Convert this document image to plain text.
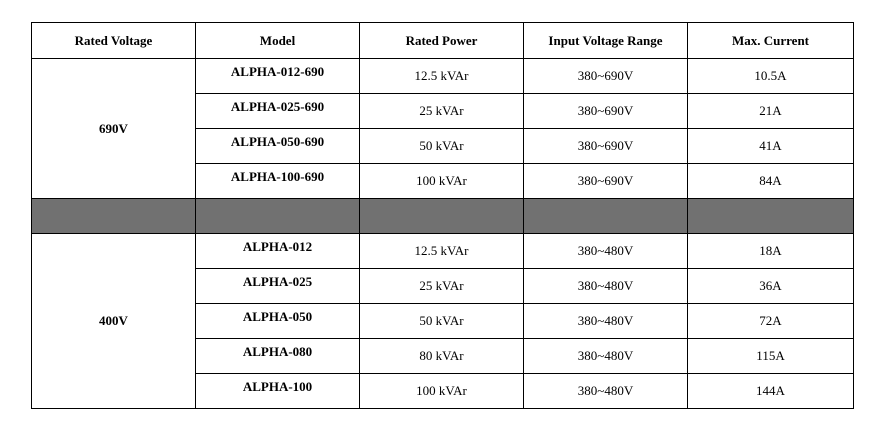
Rated Voltage	Model	Rated Power	Input Voltage Range	Max. Current
690V	ALPHA-012-690	12.5 kVAr	380~690V	10.5A
	ALPHA-025-690	25 kVAr	380~690V	21A
	ALPHA-050-690	50 kVAr	380~690V	41A
	ALPHA-100-690	100 kVAr	380~690V	84A

400V	ALPHA-012	12.5 kVAr	380~480V	18A
	ALPHA-025	25 kVAr	380~480V	36A
	ALPHA-050	50 kVAr	380~480V	72A
	ALPHA-080	80 kVAr	380~480V	115A
	ALPHA-100	100 kVAr	380~480V	144A
